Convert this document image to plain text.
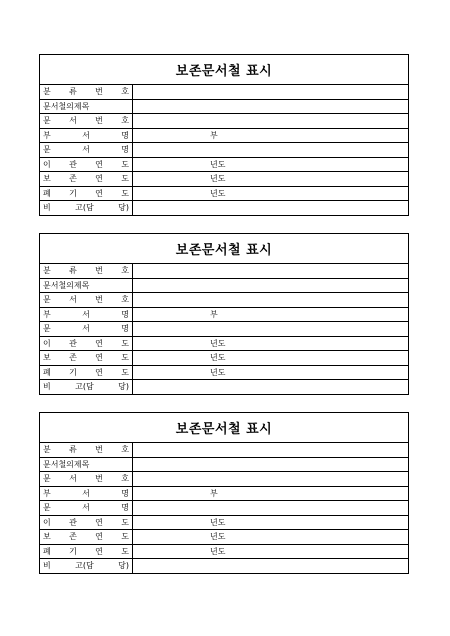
보존문서철 표시
분 류 번 호	
문서철의제목	
문 서 번 호	
부 서 명	부
문 서 명	
이 관 연 도	년도
보 존 연 도	년도
폐 기 연 도	년도
비 고(담 당)	
보존문서철 표시
분 류 번 호	
문서철의제목	
문 서 번 호	
부 서 명	부
문 서 명	
이 관 연 도	년도
보 존 연 도	년도
폐 기 연 도	년도
비 고(담 당)	
보존문서철 표시
분 류 번 호	
문서철의제목	
문 서 번 호	
부 서 명	부
문 서 명	
이 관 연 도	년도
보 존 연 도	년도
폐 기 연 도	년도
비 고(담 당)	
